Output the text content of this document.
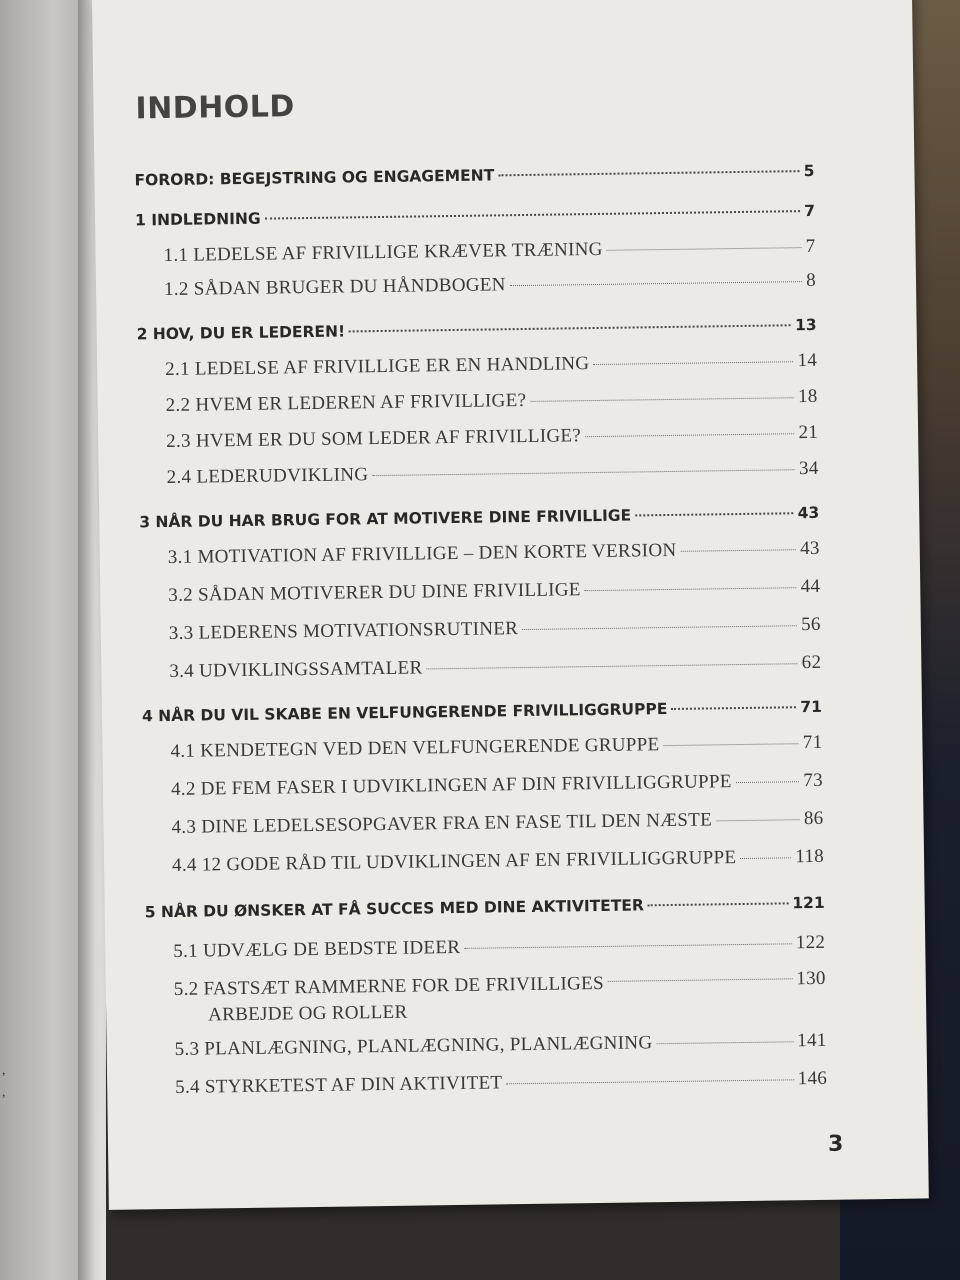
,
,
INDHOLD
FORORD: BEGEJSTRING OG ENGAGEMENT	5
1 INDLEDNING	7
1.1 LEDELSE AF FRIVILLIGE KRÆVER TRÆNING	7
1.2 SÅDAN BRUGER DU HÅNDBOGEN	8
2 HOV, DU ER LEDEREN!	13
2.1 LEDELSE AF FRIVILLIGE ER EN HANDLING	14
2.2 HVEM ER LEDEREN AF FRIVILLIGE?	18
2.3 HVEM ER DU SOM LEDER AF FRIVILLIGE?	21
2.4 LEDERUDVIKLING	34
3 NÅR DU HAR BRUG FOR AT MOTIVERE DINE FRIVILLIGE	43
3.1 MOTIVATION AF FRIVILLIGE – DEN KORTE VERSION	43
3.2 SÅDAN MOTIVERER DU DINE FRIVILLIGE	44
3.3 LEDERENS MOTIVATIONSRUTINER	56
3.4 UDVIKLINGSSAMTALER	62
4 NÅR DU VIL SKABE EN VELFUNGERENDE FRIVILLIGGRUPPE	71
4.1 KENDETEGN VED DEN VELFUNGERENDE GRUPPE	71
4.2 DE FEM FASER I UDVIKLINGEN AF DIN FRIVILLIGGRUPPE	73
4.3 DINE LEDELSESOPGAVER FRA EN FASE TIL DEN NÆSTE	86
4.4 12 GODE RÅD TIL UDVIKLINGEN AF EN FRIVILLIGGRUPPE	118
5 NÅR DU ØNSKER AT FÅ SUCCES MED DINE AKTIVITETER	121
5.1 UDVÆLG DE BEDSTE IDEER	122
5.2 FASTSÆT RAMMERNE FOR DE FRIVILLIGES
ARBEJDE OG ROLLER
130
5.3 PLANLÆGNING, PLANLÆGNING, PLANLÆGNING	141
5.4 STYRKETEST AF DIN AKTIVITET	146
3
